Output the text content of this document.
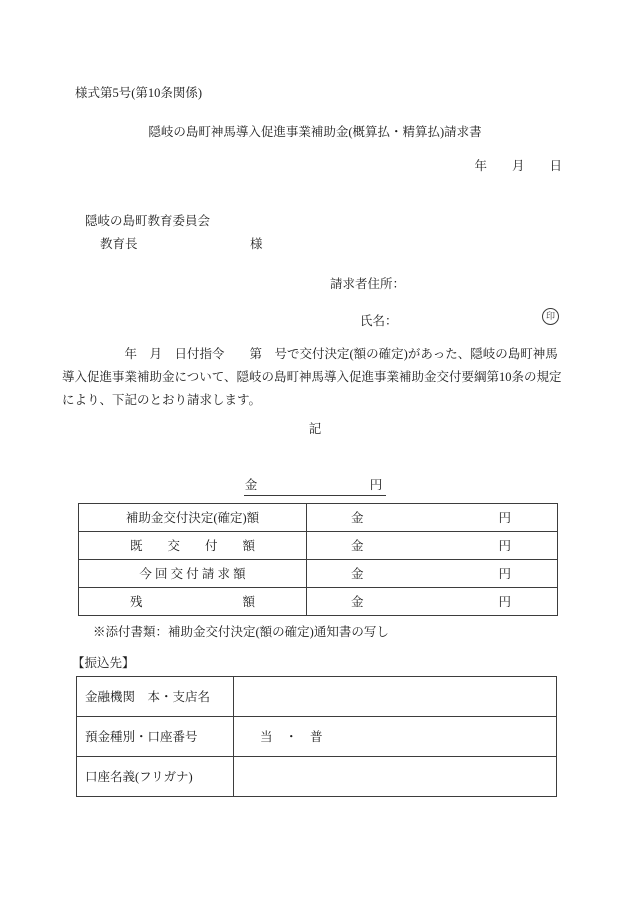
様式第5号(第10条関係)
隠岐の島町神馬導入促進事業補助金(概算払・精算払)請求書
年　　月　　日
隠岐の島町教育委員会
教育長　　　　　　　　　様
請求者住所：
氏名：	印
　　　　　年　月　日付指令　　第　号で交付決定(額の確定)があった、隠岐の島町神馬
導入促進事業補助金について、隠岐の島町神馬導入促進事業補助金交付要綱第10条の規定
により、下記のとおり請求します。
記
金　　　　　　　　　円
補助金交付決定(確定)額	金	円
既　　交　　付　　額	金	円
今 回 交 付 請 求 額	金	円
残　　　　　　　　額	金	円
※添付書類：補助金交付決定(額の確定)通知書の写し
【振込先】
金融機関　本・支店名
預金種別・口座番号	当　・　普
口座名義(フリガナ)
